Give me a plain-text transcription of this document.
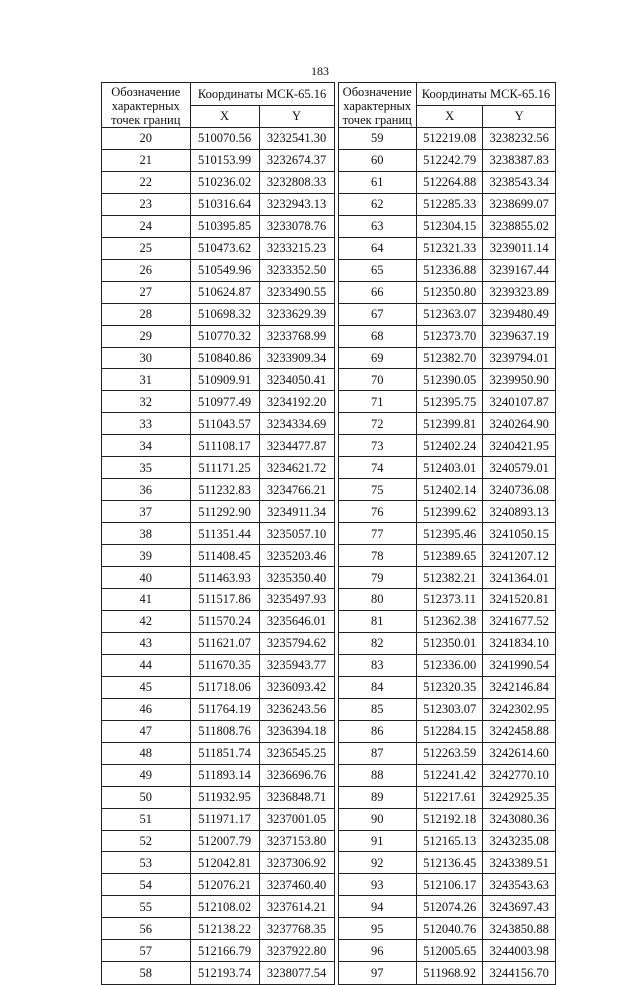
183
Обозначение
характерных
точек границ	Координаты МСК-65.16	
	X	Y
20	510070.56	3232541.30
21	510153.99	3232674.37
22	510236.02	3232808.33
23	510316.64	3232943.13
24	510395.85	3233078.76
25	510473.62	3233215.23
26	510549.96	3233352.50
27	510624.87	3233490.55
28	510698.32	3233629.39
29	510770.32	3233768.99
30	510840.86	3233909.34
31	510909.91	3234050.41
32	510977.49	3234192.20
33	511043.57	3234334.69
34	511108.17	3234477.87
35	511171.25	3234621.72
36	511232.83	3234766.21
37	511292.90	3234911.34
38	511351.44	3235057.10
39	511408.45	3235203.46
40	511463.93	3235350.40
41	511517.86	3235497.93
42	511570.24	3235646.01
43	511621.07	3235794.62
44	511670.35	3235943.77
45	511718.06	3236093.42
46	511764.19	3236243.56
47	511808.76	3236394.18
48	511851.74	3236545.25
49	511893.14	3236696.76
50	511932.95	3236848.71
51	511971.17	3237001.05
52	512007.79	3237153.80
53	512042.81	3237306.92
54	512076.21	3237460.40
55	512108.02	3237614.21
56	512138.22	3237768.35
57	512166.79	3237922.80
58	512193.74	3238077.54
Обозначение
характерных
точек границ	Координаты МСК-65.16	
	X	Y
59	512219.08	3238232.56
60	512242.79	3238387.83
61	512264.88	3238543.34
62	512285.33	3238699.07
63	512304.15	3238855.02
64	512321.33	3239011.14
65	512336.88	3239167.44
66	512350.80	3239323.89
67	512363.07	3239480.49
68	512373.70	3239637.19
69	512382.70	3239794.01
70	512390.05	3239950.90
71	512395.75	3240107.87
72	512399.81	3240264.90
73	512402.24	3240421.95
74	512403.01	3240579.01
75	512402.14	3240736.08
76	512399.62	3240893.13
77	512395.46	3241050.15
78	512389.65	3241207.12
79	512382.21	3241364.01
80	512373.11	3241520.81
81	512362.38	3241677.52
82	512350.01	3241834.10
83	512336.00	3241990.54
84	512320.35	3242146.84
85	512303.07	3242302.95
86	512284.15	3242458.88
87	512263.59	3242614.60
88	512241.42	3242770.10
89	512217.61	3242925.35
90	512192.18	3243080.36
91	512165.13	3243235.08
92	512136.45	3243389.51
93	512106.17	3243543.63
94	512074.26	3243697.43
95	512040.76	3243850.88
96	512005.65	3244003.98
97	511968.92	3244156.70
